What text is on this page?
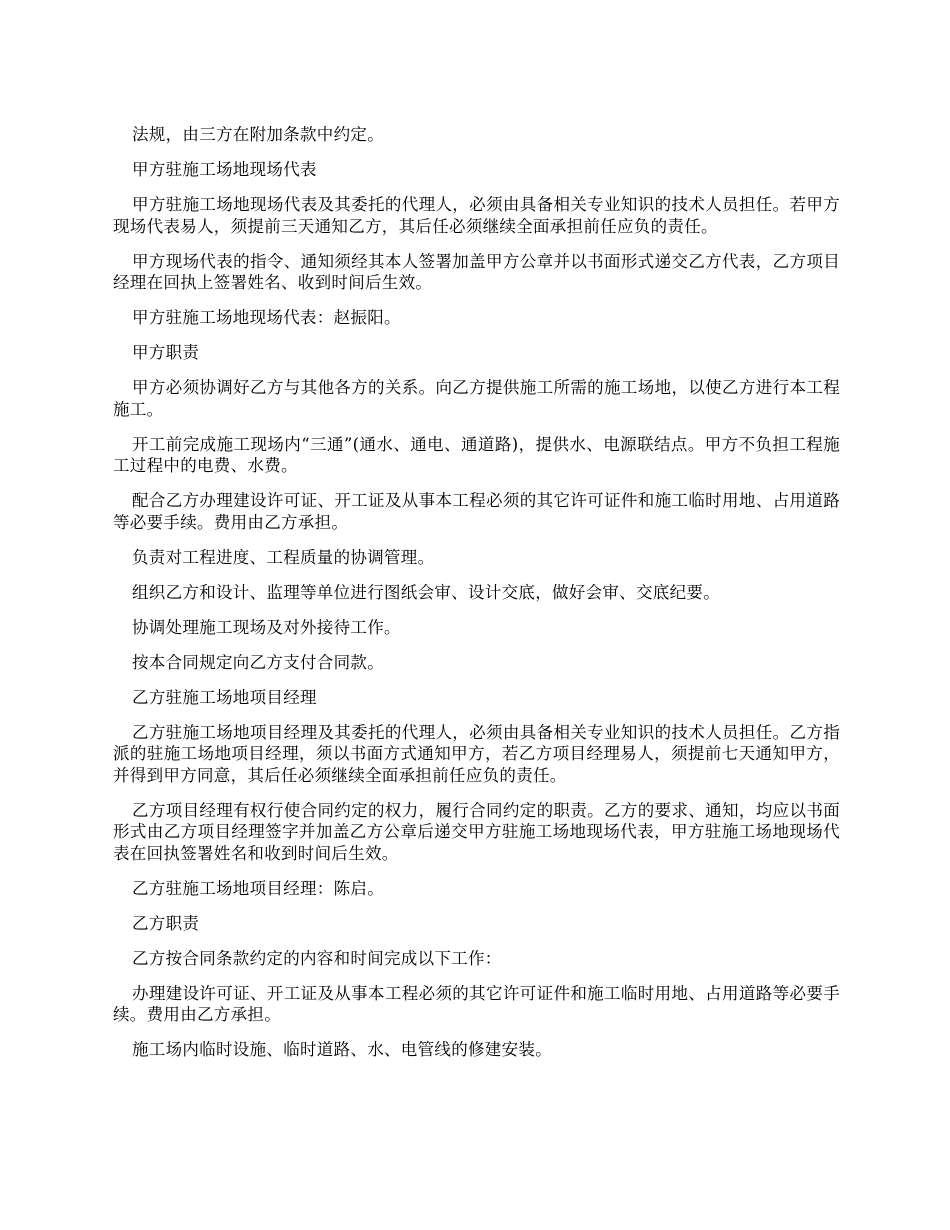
法规，由三方在附加条款中约定。

甲方驻施工场地现场代表

甲方驻施工场地现场代表及其委托的代理人，必须由具备相关专业知识的技术人员担任。若甲方现场代表易人，须提前三天通知乙方，其后任必须继续全面承担前任应负的责任。

甲方现场代表的指令、通知须经其本人签署加盖甲方公章并以书面形式递交乙方代表，乙方项目经理在回执上签署姓名、收到时间后生效。

甲方驻施工场地现场代表：赵振阳。

甲方职责

甲方必须协调好乙方与其他各方的关系。向乙方提供施工所需的施工场地，以使乙方进行本工程施工。

开工前完成施工现场内“三通”(通水、通电、通道路)，提供水、电源联结点。甲方不负担工程施工过程中的电费、水费。

配合乙方办理建设许可证、开工证及从事本工程必须的其它许可证件和施工临时用地、占用道路等必要手续。费用由乙方承担。

负责对工程进度、工程质量的协调管理。

组织乙方和设计、监理等单位进行图纸会审、设计交底，做好会审、交底纪要。

协调处理施工现场及对外接待工作。

按本合同规定向乙方支付合同款。

乙方驻施工场地项目经理

乙方驻施工场地项目经理及其委托的代理人，必须由具备相关专业知识的技术人员担任。乙方指派的驻施工场地项目经理，须以书面方式通知甲方，若乙方项目经理易人，须提前七天通知甲方，并得到甲方同意，其后任必须继续全面承担前任应负的责任。

乙方项目经理有权行使合同约定的权力，履行合同约定的职责。乙方的要求、通知，均应以书面形式由乙方项目经理签字并加盖乙方公章后递交甲方驻施工场地现场代表，甲方驻施工场地现场代表在回执签署姓名和收到时间后生效。

乙方驻施工场地项目经理：陈启。

乙方职责

乙方按合同条款约定的内容和时间完成以下工作：

办理建设许可证、开工证及从事本工程必须的其它许可证件和施工临时用地、占用道路等必要手续。费用由乙方承担。

施工场内临时设施、临时道路、水、电管线的修建安装。
